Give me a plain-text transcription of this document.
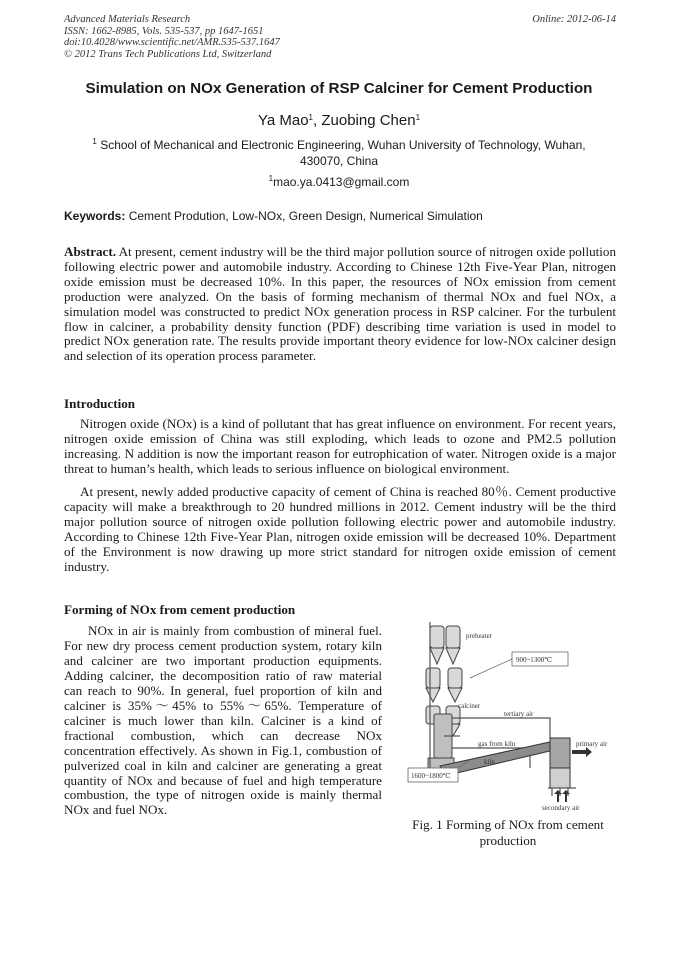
Advanced Materials Research
ISSN: 1662-8985, Vols. 535-537, pp 1647-1651
doi:10.4028/www.scientific.net/AMR.535-537.1647
© 2012 Trans Tech Publications Ltd, Switzerland
Online: 2012-06-14
Simulation on NOx Generation of RSP Calciner for Cement Production
Ya Mao$^1$, Zuobing Chen$^1$
$^1$ School of Mechanical and Electronic Engineering, Wuhan University of Technology, Wuhan,
430070, China
$^1$mao.ya.0413@gmail.com
Keywords: Cement Prodution, Low-NOx, Green Design, Numerical Simulation
Abstract. At present, cement industry will be the third major pollution source of nitrogen oxide pollution following electric power and automobile industry. According to Chinese 12th Five-Year Plan, nitrogen oxide emission must be decreased 10%. In this paper, the resources of NOx emission from cement production were analyzed. On the basis of forming mechanism of thermal NOx and fuel NOx, a simulation model was constructed to predict NOx generation process in RSP calciner. For the turbulent flow in calciner, a probability density function (PDF) describing time variation is used in model to predict NOx generation rate. The results provide important theory evidence for low-NOx calciner design and selection of its operation process parameter.
Introduction
Nitrogen oxide (NOx) is a kind of pollutant that has great influence on environment. For recent years, nitrogen oxide emission of China was still exploding, which leads to ozone and PM2.5 pollution increasing. N addition is now the important reason for eutrophication of water. Nitrogen oxide is a major threat to human’s health, which leads to serious influence on biological environment.
At present, newly added productive capacity of cement of China is reached 80％. Cement productive capacity will make a breakthrough to 20 hundred millions in 2012. Cement industry will be the third major pollution source of nitrogen oxide pollution following electric power and automobile industry. According to Chinese 12th Five-Year Plan, nitrogen oxide emission will be decreased 10%. Department of the Environment is now drawing up more strict standard for nitrogen oxide emission of cement industry.
Forming of NOx from cement production
NOx in air is mainly from combustion of mineral fuel. For new dry process cement production system, rotary kiln and calciner are two important production equipments. Adding calciner, the decomposition ratio of raw material can reach to 90%. In general, fuel proportion of kiln and calciner is 35%～45% to 55%～65%. Temperature of calciner is much lower than kiln. Calciner is a kind of fractional combustion, which can decrease NOx concentration effectively. As shown in Fig.1, combustion of pulverized coal in kiln and calciner are generating a great quantity of NOx and because of fuel and high temperature combustion, the type of nitrogen oxide is mainly thermal NOx and fuel NOx.
preheater
900~1300℃
calciner
tertiary air
gas from kiln	primary air
kiln
1600~1800℃
secondary air
Fig. 1 Forming of NOx from cement
production
